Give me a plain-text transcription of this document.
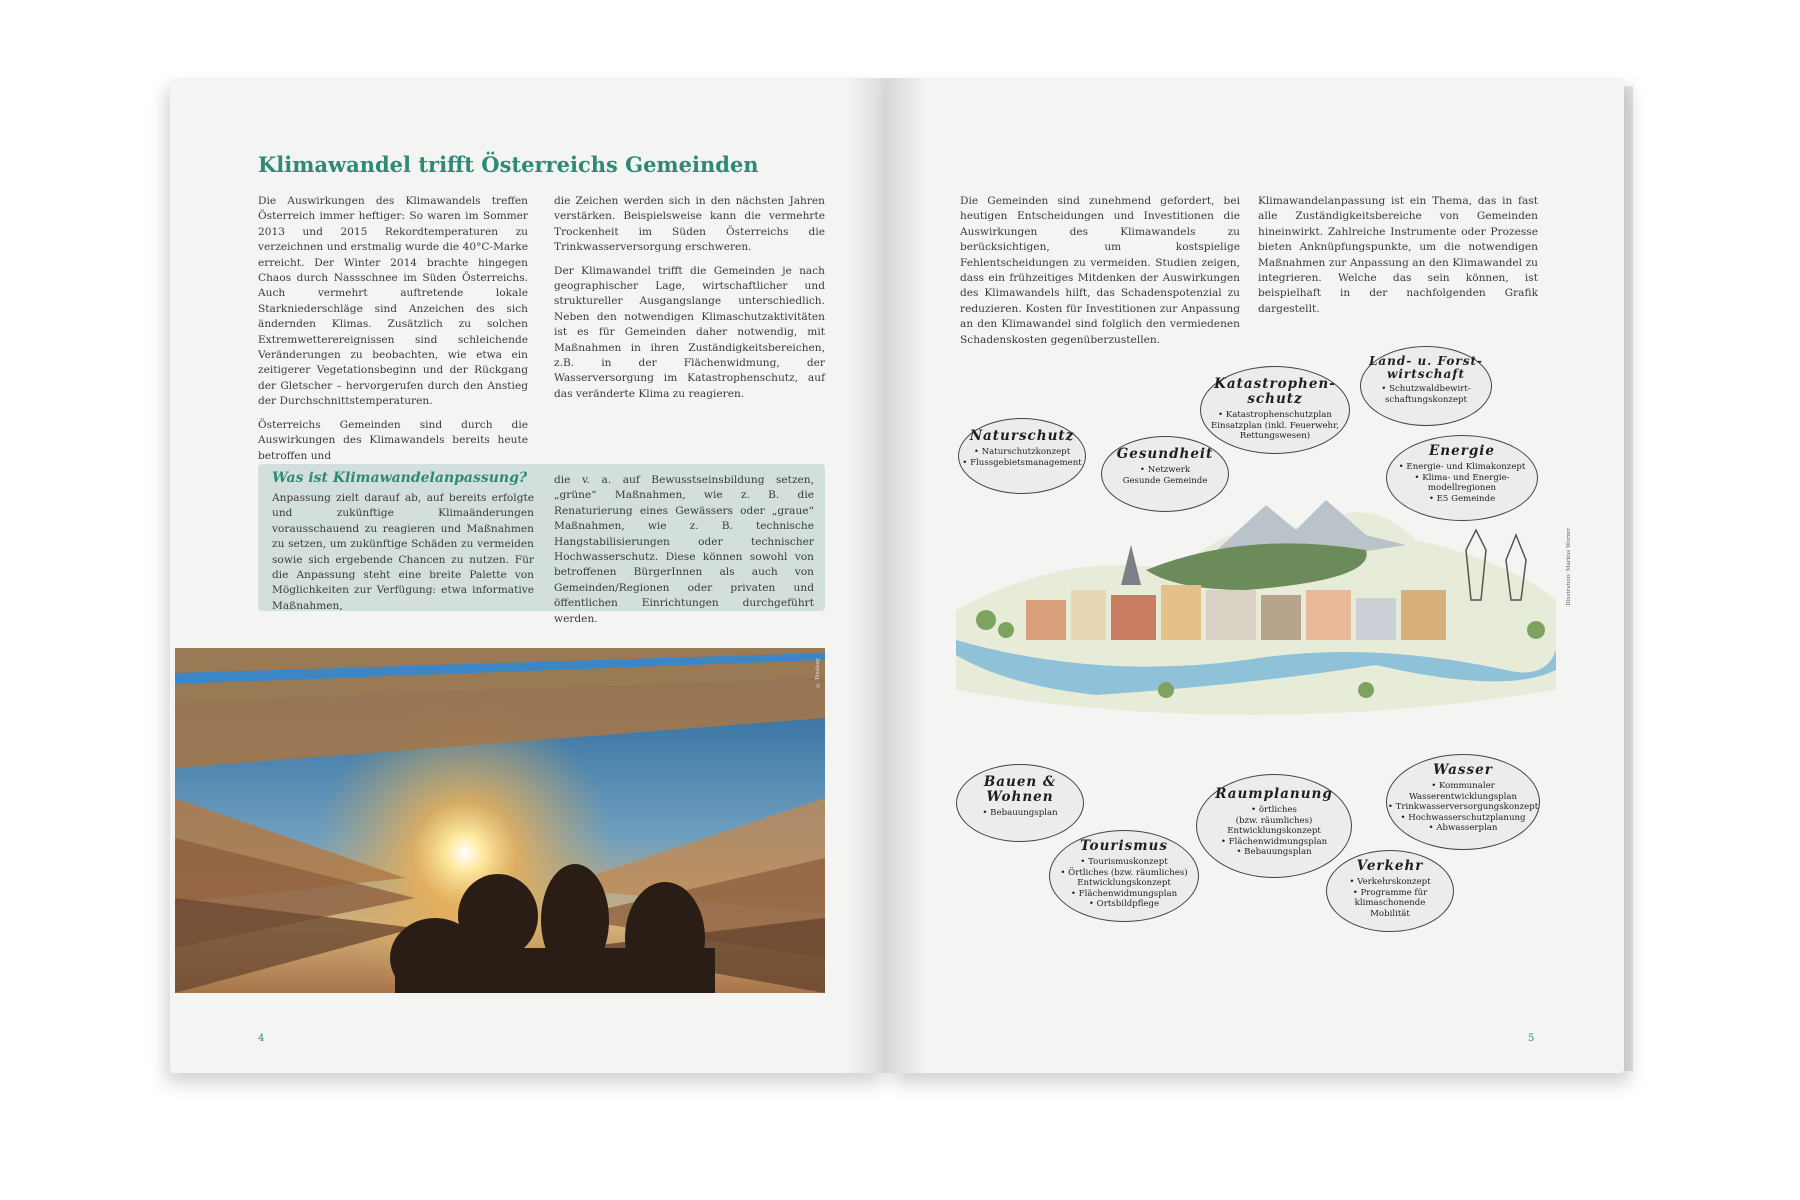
Klimawandel trifft Österreichs Gemeinden

Die Auswirkungen des Klimawandels treffen Österreich immer heftiger: So waren im Sommer 2013 und 2015 Rekordtemperaturen zu verzeichnen und erstmalig wurde die 40°C-Marke erreicht. Der Winter 2014 brachte hingegen Chaos durch Nassschnee im Süden Österreichs. Auch vermehrt auftretende lokale Starkniederschläge sind Anzeichen des sich ändernden Klimas. Zusätzlich zu solchen Extremwetterereignissen sind schleichende Veränderungen zu beobachten, wie etwa ein zeitigerer Vegetationsbeginn und der Rückgang der Gletscher – hervorgerufen durch den Anstieg der Durchschnittstemperaturen.

Österreichs Gemeinden sind durch die Auswirkungen des Klimawandels bereits heute betroffen und

die Zeichen werden sich in den nächsten Jahren verstärken. Beispielsweise kann die vermehrte Trockenheit im Süden Österreichs die Trinkwasserversorgung erschweren.

Der Klimawandel trifft die Gemeinden je nach geographischer Lage, wirtschaftlicher und struktureller Ausgangslange unterschiedlich. Neben den notwendigen Klimaschutzaktivitäten ist es für Gemeinden daher notwendig, mit Maßnahmen in ihren Zuständigkeitsbereichen, z.B. in der Flächenwidmung, der Wasserversorgung im Katastrophenschutz, auf das veränderte Klima zu reagieren.

Was ist Klimawandelanpassung?
Anpassung zielt darauf ab, auf bereits erfolgte und zukünftige Klimaänderungen vorausschauend zu reagieren und Maßnahmen zu setzen, um zukünftige Schäden zu vermeiden sowie sich ergebende Chancen zu nutzen. Für die Anpassung steht eine breite Palette von Möglichkeiten zur Verfügung: etwa informative Maßnahmen,
die v. a. auf Bewusstseinsbildung setzen, „grüne“ Maßnahmen, wie z. B. die Renaturierung eines Gewässers oder „graue“ Maßnahmen, wie z. B. technische Hangstabilisierungen oder technischer Hochwasserschutz. Diese können sowohl von betroffenen BürgerInnen als auch von Gemeinden/Regionen oder privaten und öffentlichen Einrichtungen durchgeführt werden.
© Pixabay
4
Die Gemeinden sind zunehmend gefordert, bei heutigen Entscheidungen und Investitionen die Auswirkungen des Klimawandels zu berücksichtigen, um kostspielige Fehlentscheidungen zu vermeiden. Studien zeigen, dass ein frühzeitiges Mitdenken der Auswirkungen des Klimawandels hilft, das Schadenspotenzial zu reduzieren. Kosten für Investitionen zur Anpassung an den Klimawandel sind folglich den vermiedenen Schadenskosten gegenüberzustellen.
Klimawandelanpassung ist ein Thema, das in fast alle Zuständigkeitsbereiche von Gemeinden hineinwirkt. Zahlreiche Instrumente oder Prozesse bieten Anknüpfungspunkte, um die notwendigen Maßnahmen zur Anpassung an den Klimawandel zu integrieren. Welche das sein können, ist beispielhaft in der nachfolgenden Grafik dargestellt.
Illustration: Markus Worzer
Naturschutz
• Naturschutzkonzept
• Flussgebietsmanagement
Gesundheit
• Netzwerk
Gesunde Gemeinde
Katastrophen-schutz
• Katastrophenschutzplan
Einsatzplan (inkl. Feuerwehr,
Rettungswesen)
Land- u. Forst-wirtschaft
• Schutzwaldbewirt-
schaftungskonzept
Energie
• Energie- und Klimakonzept
• Klima- und Energie-
modellregionen
• E5 Gemeinde
Bauen & Wohnen
• Bebauungsplan
Tourismus
• Tourismuskonzept
• Örtliches (bzw. räumliches)
Entwicklungskonzept
• Flächenwidmungsplan
• Ortsbildpflege
Raumplanung
• örtliches
(bzw. räumliches)
Entwicklungskonzept
• Flächenwidmungsplan
• Bebauungsplan
Verkehr
• Verkehrskonzept
• Programme für
klimaschonende
Mobilität
Wasser
• Kommunaler
Wasserentwicklungsplan
• Trinkwasserversorgungskonzept
• Hochwasserschutzplanung
• Abwasserplan
5
